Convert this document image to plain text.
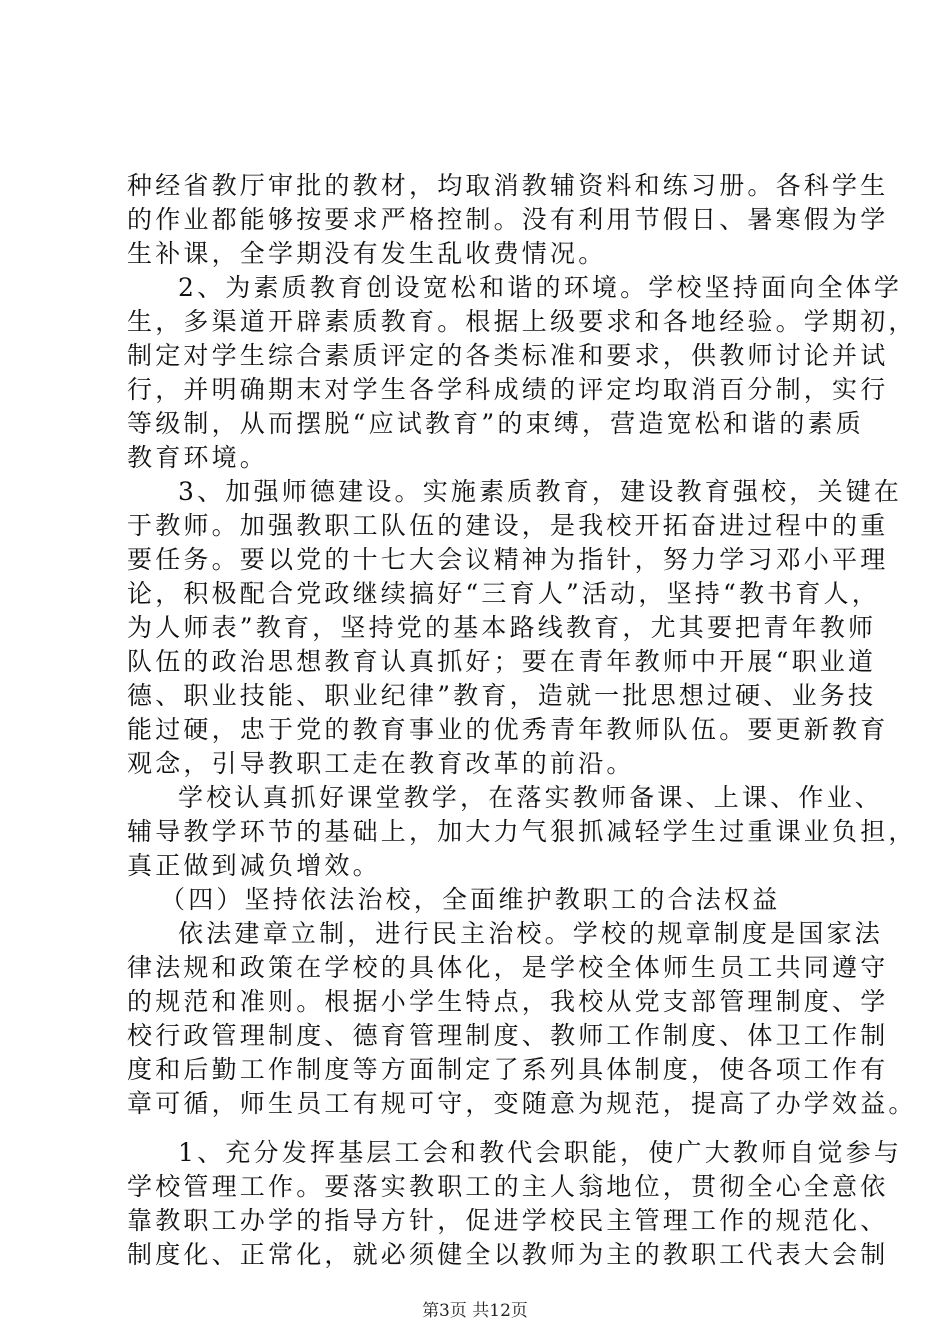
种经省教厅审批的教材，均取消教辅资料和练习册。各科学生
的作业都能够按要求严格控制。没有利用节假日、暑寒假为学
生补课，全学期没有发生乱收费情况。
2、为素质教育创设宽松和谐的环境。学校坚持面向全体学
生，多渠道开辟素质教育。根据上级要求和各地经验。学期初，
制定对学生综合素质评定的各类标准和要求，供教师讨论并试
行，并明确期末对学生各学科成绩的评定均取消百分制，实行
等级制，从而摆脱“应试教育”的束缚，营造宽松和谐的素质
教育环境。
3、加强师德建设。实施素质教育，建设教育强校，关键在
于教师。加强教职工队伍的建设，是我校开拓奋进过程中的重
要任务。要以党的十七大会议精神为指针，努力学习邓小平理
论，积极配合党政继续搞好“三育人”活动，坚持“教书育人，
为人师表”教育，坚持党的基本路线教育，尤其要把青年教师
队伍的政治思想教育认真抓好；要在青年教师中开展“职业道
德、职业技能、职业纪律”教育，造就一批思想过硬、业务技
能过硬，忠于党的教育事业的优秀青年教师队伍。要更新教育
观念，引导教职工走在教育改革的前沿。
学校认真抓好课堂教学，在落实教师备课、上课、作业、
辅导教学环节的基础上，加大力气狠抓减轻学生过重课业负担，
真正做到减负增效。
（四）坚持依法治校，全面维护教职工的合法权益
依法建章立制，进行民主治校。学校的规章制度是国家法
律法规和政策在学校的具体化，是学校全体师生员工共同遵守
的规范和准则。根据小学生特点，我校从党支部管理制度、学
校行政管理制度、德育管理制度、教师工作制度、体卫工作制
度和后勤工作制度等方面制定了系列具体制度，使各项工作有
章可循，师生员工有规可守，变随意为规范，提高了办学效益。
1、充分发挥基层工会和教代会职能，使广大教师自觉参与
学校管理工作。要落实教职工的主人翁地位，贯彻全心全意依
靠教职工办学的指导方针，促进学校民主管理工作的规范化、
制度化、正常化，就必须健全以教师为主的教职工代表大会制
第3页 共12页
